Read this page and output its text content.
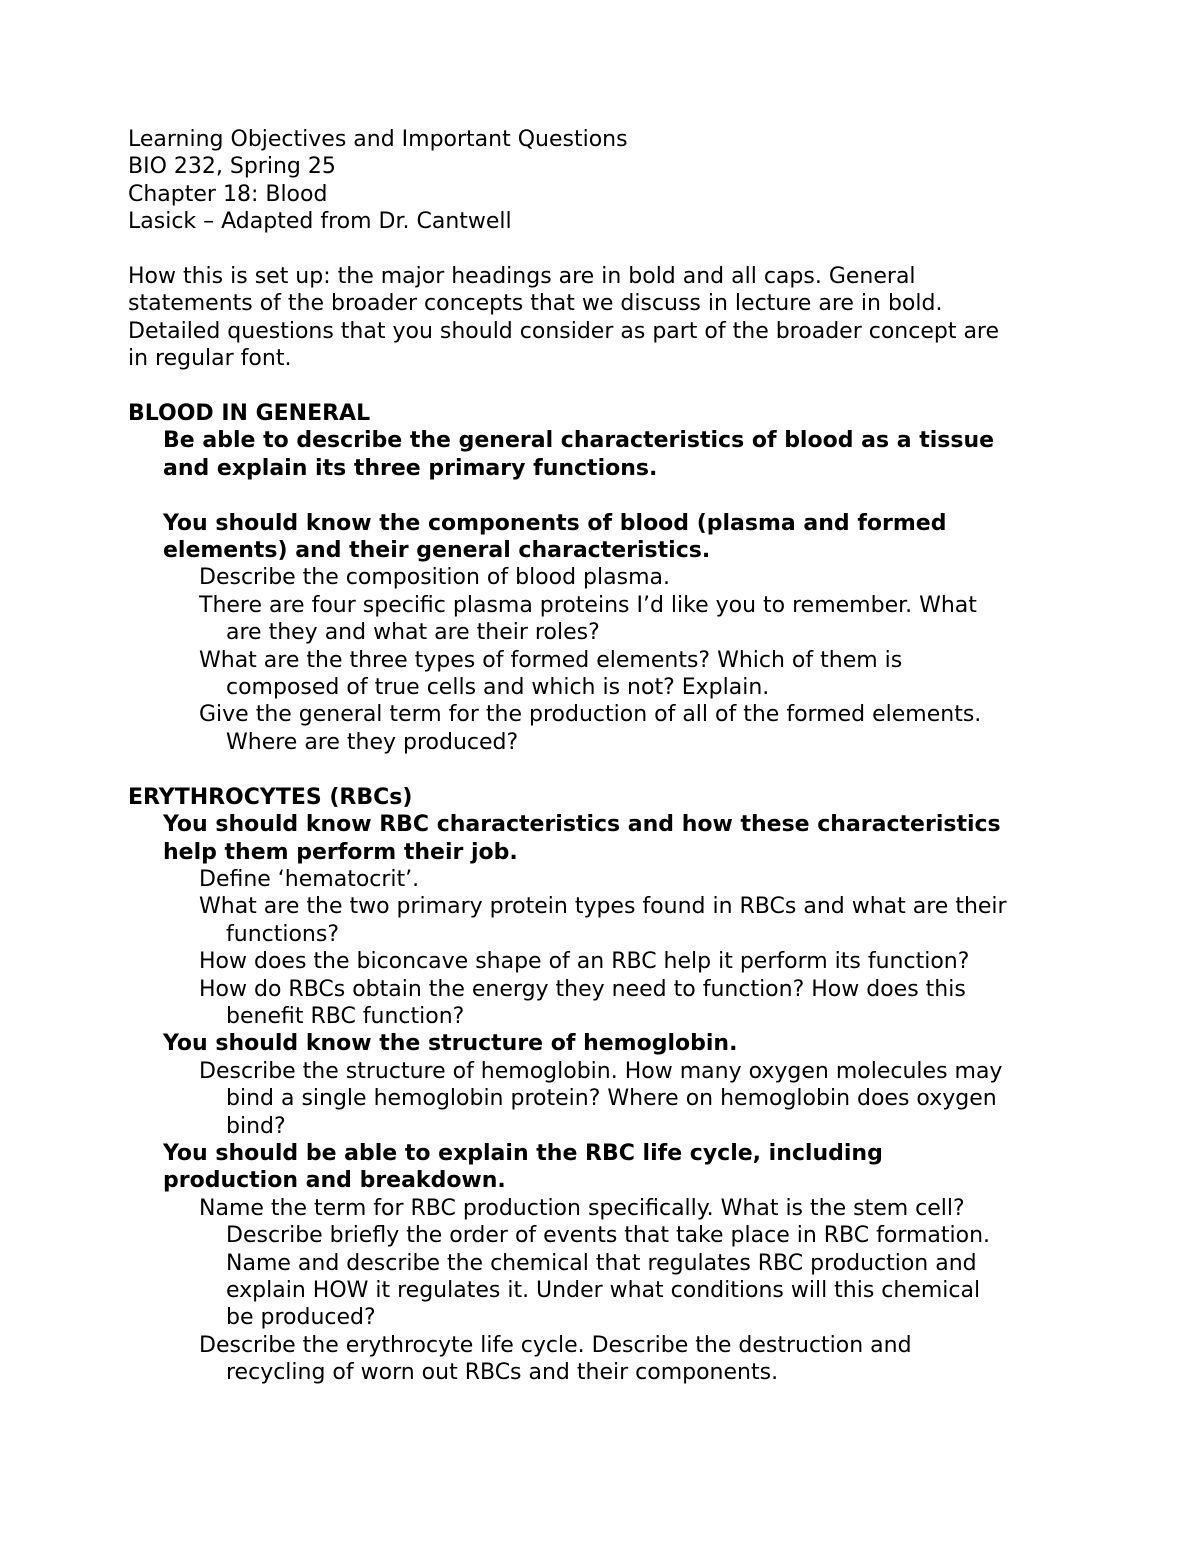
Learning Objectives and Important Questions
BIO 232, Spring 25
Chapter 18: Blood
Lasick – Adapted from Dr. Cantwell
How this is set up: the major headings are in bold and all caps. General
statements of the broader concepts that we discuss in lecture are in bold.
Detailed questions that you should consider as part of the broader concept are
in regular font.
BLOOD IN GENERAL
Be able to describe the general characteristics of blood as a tissue
and explain its three primary functions.
You should know the components of blood (plasma and formed
elements) and their general characteristics.
Describe the composition of blood plasma.
There are four specific plasma proteins I’d like you to remember. What
are they and what are their roles?
What are the three types of formed elements? Which of them is
composed of true cells and which is not? Explain.
Give the general term for the production of all of the formed elements.
Where are they produced?
ERYTHROCYTES (RBCs)
You should know RBC characteristics and how these characteristics
help them perform their job.
Define ‘hematocrit’.
What are the two primary protein types found in RBCs and what are their
functions?
How does the biconcave shape of an RBC help it perform its function?
How do RBCs obtain the energy they need to function? How does this
benefit RBC function?
You should know the structure of hemoglobin.
Describe the structure of hemoglobin. How many oxygen molecules may
bind a single hemoglobin protein? Where on hemoglobin does oxygen
bind?
You should be able to explain the RBC life cycle, including
production and breakdown.
Name the term for RBC production specifically. What is the stem cell?
Describe briefly the order of events that take place in RBC formation.
Name and describe the chemical that regulates RBC production and
explain HOW it regulates it. Under what conditions will this chemical
be produced?
Describe the erythrocyte life cycle. Describe the destruction and
recycling of worn out RBCs and their components.
